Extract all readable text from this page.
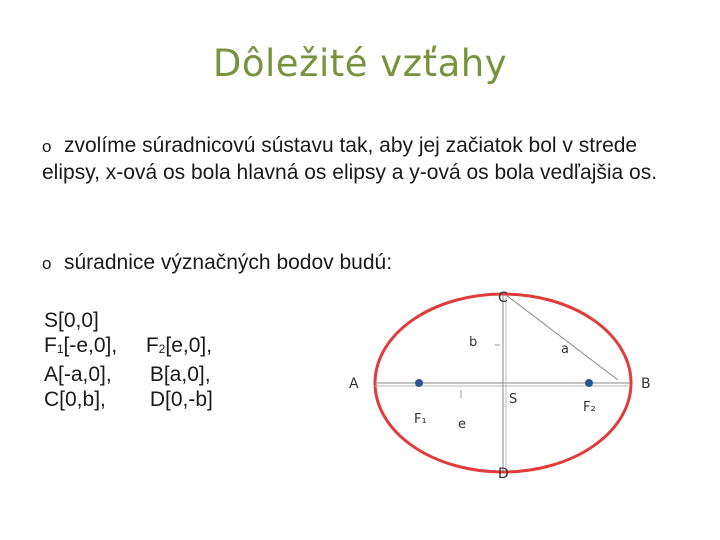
Dôležité vzťahy
o zvolíme súradnicovú sústavu tak, aby jej začiatok bol v strede elipsy, x-ová os bola hlavná os elipsy a y-ová os bola vedľajšia os.
o súradnice význačných bodov budú:
S[0,0]
$F_1[-e,0]$, $F_2[e,0]$,
A[-a,0], B[a,0],
C[0,b], D[0,-b]
C
D
A	B
S
F₁
F₂
a
b
e
